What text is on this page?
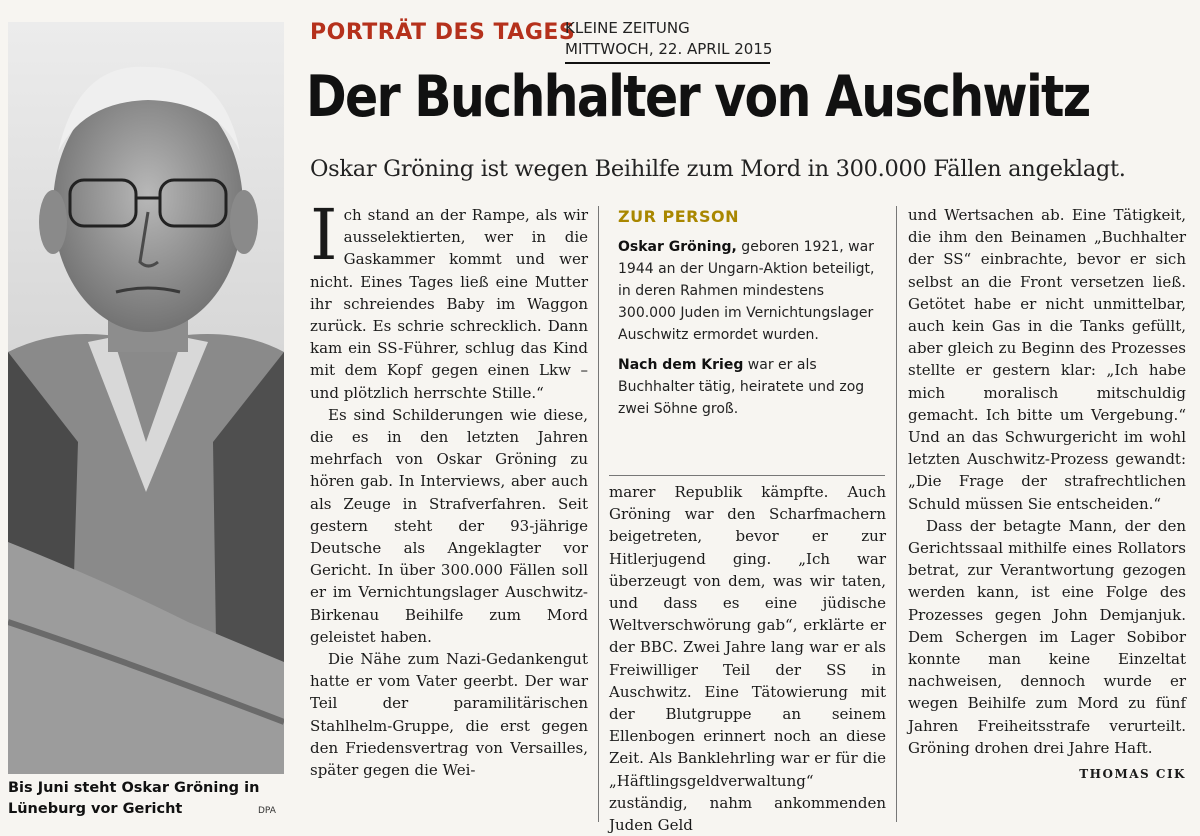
Bis Juni steht Oskar Gröning in Lüneburg vor Gericht	DPA
PORTRÄT DES TAGES
KLEINE ZEITUNG
MITTWOCH, 22. APRIL 2015
Der Buchhalter von Auschwitz
Oskar Gröning ist wegen Beihilfe zum Mord in 300.000 Fällen angeklagt.

Ich stand an der Rampe, als wir ausselektierten, wer in die Gaskammer kommt und wer nicht. Eines Tages ließ eine Mutter ihr schreiendes Baby im Waggon zurück. Es schrie schrecklich. Dann kam ein SS-Führer, schlug das Kind mit dem Kopf gegen einen Lkw – und plötzlich herrschte Stille.“

Es sind Schilderungen wie diese, die es in den letzten Jahren mehrfach von Oskar Gröning zu hören gab. In Interviews, aber auch als Zeuge in Strafverfahren. Seit gestern steht der 93-jährige Deutsche als Angeklagter vor Gericht. In über 300.000 Fällen soll er im Vernichtungslager Auschwitz-Birkenau Beihilfe zum Mord geleistet haben.

Die Nähe zum Nazi-Gedankengut hatte er vom Vater geerbt. Der war Teil der paramilitärischen Stahlhelm-Gruppe, die erst gegen den Friedensvertrag von Versailles, später gegen die Wei-

ZUR PERSON

Oskar Gröning, geboren 1921, war 1944 an der Ungarn-Aktion beteiligt, in deren Rahmen mindestens 300.000 Juden im Vernichtungslager Auschwitz ermordet wurden.

Nach dem Krieg war er als Buchhalter tätig, heiratete und zog zwei Söhne groß.

marer Republik kämpfte. Auch Gröning war den Scharfmachern beigetreten, bevor er zur Hitlerjugend ging. „Ich war überzeugt von dem, was wir taten, und dass es eine jüdische Weltverschwörung gab“, erklärte er der BBC. Zwei Jahre lang war er als Freiwilliger Teil der SS in Auschwitz. Eine Tätowierung mit der Blutgruppe an seinem Ellenbogen erinnert noch an diese Zeit. Als Banklehrling war er für die „Häftlingsgeldverwaltung“ zuständig, nahm ankommenden Juden Geld

und Wertsachen ab. Eine Tätigkeit, die ihm den Beinamen „Buchhalter der SS“ einbrachte, bevor er sich selbst an die Front versetzen ließ. Getötet habe er nicht unmittelbar, auch kein Gas in die Tanks gefüllt, aber gleich zu Beginn des Prozesses stellte er gestern klar: „Ich habe mich moralisch mitschuldig gemacht. Ich bitte um Vergebung.“ Und an das Schwurgericht im wohl letzten Auschwitz-Prozess gewandt: „Die Frage der strafrechtlichen Schuld müssen Sie entscheiden.“

Dass der betagte Mann, der den Gerichtssaal mithilfe eines Rollators betrat, zur Verantwortung gezogen werden kann, ist eine Folge des Prozesses gegen John Demjanjuk. Dem Schergen im Lager Sobibor konnte man keine Einzeltat nachweisen, dennoch wurde er wegen Beihilfe zum Mord zu fünf Jahren Freiheitsstrafe verurteilt. Gröning drohen drei Jahre Haft.
THOMAS CIK
